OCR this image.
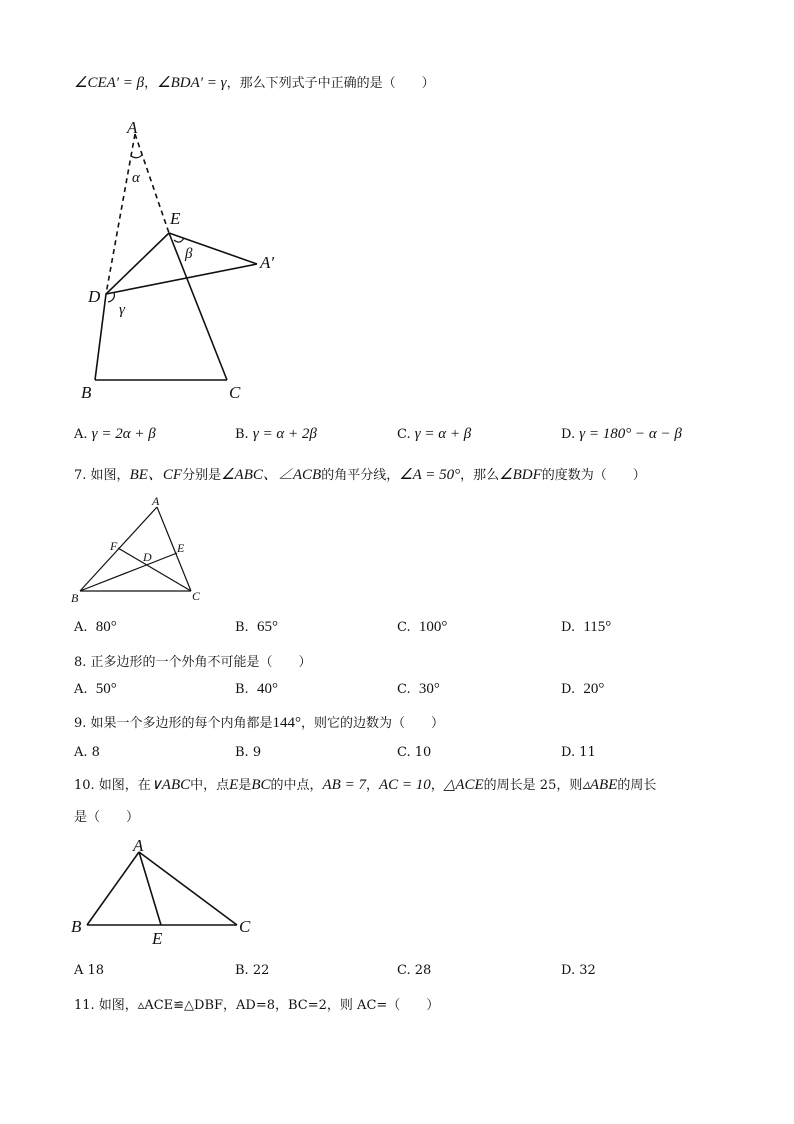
∠CEA′ = β，∠BDA′ = γ，那么下列式子中正确的是（　　）
A
α
E
β	A′
D
γ
B	C
A. γ = 2α + β	B. γ = α + 2β	C. γ = α + β	D. γ = 180° − α − β
7. 如图，BE、CF分别是∠ABC、∠ACB的角平分线，∠A = 50°，那么∠BDF的度数为（　　）
A
F	E
D
B	C
A. 80°	B. 65°	C. 100°	D. 115°
8. 正多边形的一个外角不可能是（　　）
A. 50°	B. 40°	C. 30°	D. 20°
9. 如果一个多边形的每个内角都是144°，则它的边数为（　　）
A. 8	B. 9	C. 10	D. 11
10. 如图，在∨ABC中，点E是BC的中点，AB = 7，AC = 10，△ACE的周长是 25，则▵ABE的周长
是（　　）
A
B
E
C
A 18	B. 22	C. 28	D. 32
11. 如图，▵ACE≌△DBF，AD=8，BC=2，则 AC=（　　）
